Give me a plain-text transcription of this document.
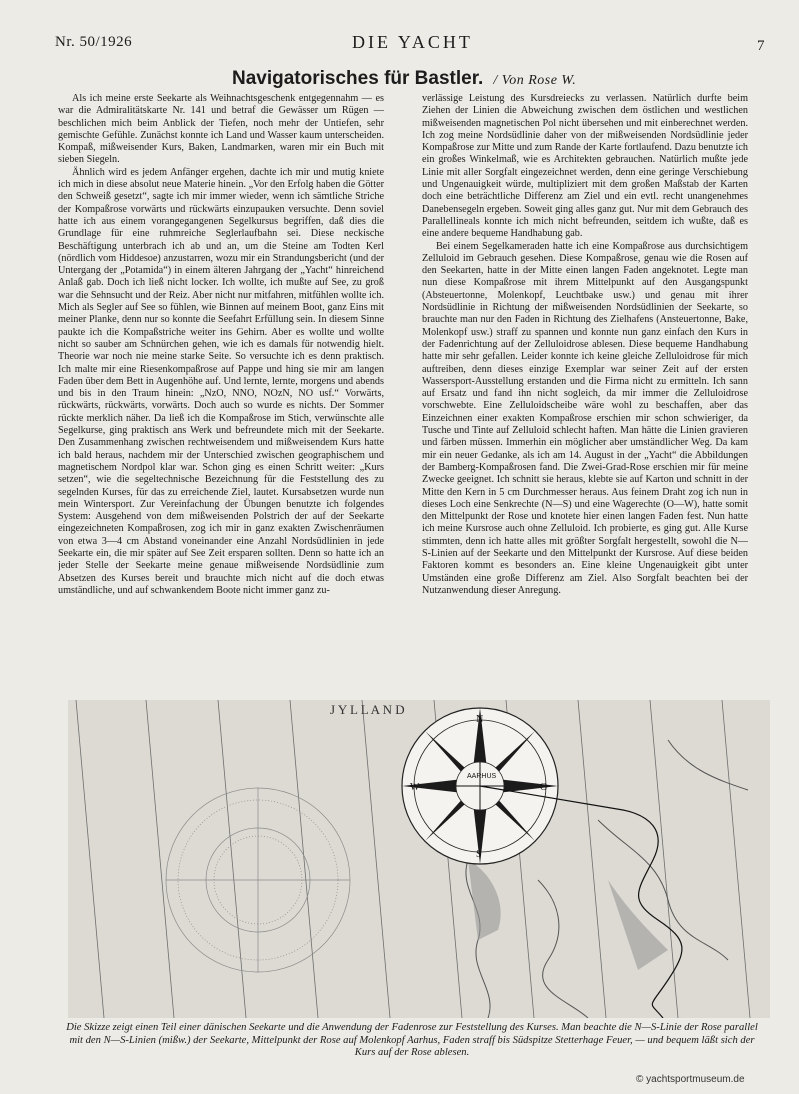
Nr. 50/1926	DIE YACHT	7
Navigatorisches für Bastler. / Von Rose W.

Als ich meine erste Seekarte als Weihnachtsgeschenk entgegennahm — es war die Admiralitätskarte Nr. 141 und betraf die Gewässer um Rügen — beschlichen mich beim Anblick der Tiefen, noch mehr der Untiefen, sehr gemischte Gefühle. Zunächst konnte ich Land und Wasser kaum unterscheiden. Kompaß, mißweisender Kurs, Baken, Landmarken, waren mir ein Buch mit sieben Siegeln.

Ähnlich wird es jedem Anfänger ergehen, dachte ich mir und mutig kniete ich mich in diese absolut neue Materie hinein. „Vor den Erfolg haben die Götter den Schweiß gesetzt“, sagte ich mir immer wieder, wenn ich sämtliche Striche der Kompaßrose vorwärts und rückwärts einzupauken versuchte. Denn soviel hatte ich aus einem vorangegangenen Segelkursus begriffen, daß dies die Grundlage für eine ruhmreiche Seglerlaufbahn sei. Diese neckische Beschäftigung unterbrach ich ab und an, um die Steine am Todten Kerl (nördlich vom Hiddesoe) anzustarren, wozu mir ein Strandungsbericht (und der Untergang der „Potamida“) in einem älteren Jahrgang der „Yacht“ hinreichend Anlaß gab. Doch ich ließ nicht locker. Ich wollte, ich mußte auf See, zu groß war die Sehnsucht und der Reiz. Aber nicht nur mitfahren, mitfühlen wollte ich. Mich als Segler auf See so fühlen, wie Binnen auf meinem Boot, ganz Eins mit meiner Planke, denn nur so konnte die Seefahrt Erfüllung sein. In diesem Sinne paukte ich die Kompaßstriche weiter ins Gehirn. Aber es wollte und wollte nicht so sauber am Schnürchen gehen, wie ich es damals für notwendig hielt. Theorie war noch nie meine starke Seite. So versuchte ich es denn praktisch. Ich malte mir eine Riesenkompaßrose auf Pappe und hing sie mir am langen Faden über dem Bett in Augenhöhe auf. Und lernte, lernte, morgens und abends und bis in den Traum hinein: „NzO, NNO, NOzN, NO usf.“ Vorwärts, rückwärts, rückwärts, vorwärts. Doch auch so wurde es nichts. Der Sommer rückte merklich näher. Da ließ ich die Kompaßrose im Stich, verwünschte alle Segelkurse, ging praktisch ans Werk und befreundete mich mit der Seekarte. Den Zusammenhang zwischen rechtweisendem und mißweisendem Kurs hatte ich bald heraus, nachdem mir der Unterschied zwischen geographischem und magnetischem Nordpol klar war. Schon ging es einen Schritt weiter: „Kurs setzen“, wie die segeltechnische Bezeichnung für die Feststellung des zu segelnden Kurses, für das zu erreichende Ziel, lautet. Kursabsetzen wurde nun mein Wintersport. Zur Vereinfachung der Übungen benutzte ich folgendes System: Ausgehend von dem mißweisenden Polstrich der auf der Seekarte eingezeichneten Kompaßrosen, zog ich mir in ganz exakten Zwischenräumen von etwa 3—4 cm Abstand voneinander eine Anzahl Nordsüdlinien in jede Seekarte ein, die mir später auf See Zeit ersparen sollten. Denn so hatte ich an jeder Stelle der Seekarte meine genaue mißweisende Nordsüdlinie zum Absetzen des Kurses bereit und brauchte mich nicht auf die doch etwas umständliche, und auf schwankendem Boote nicht immer ganz zu-

verlässige Leistung des Kursdreiecks zu verlassen. Natürlich durfte beim Ziehen der Linien die Abweichung zwischen dem östlichen und westlichen mißweisenden magnetischen Pol nicht übersehen und mit einberechnet werden. Ich zog meine Nordsüdlinie daher von der mißweisenden Nordsüdlinie jeder Kompaßrose zur Mitte und zum Rande der Karte fortlaufend. Dazu benutzte ich ein großes Winkelmaß, wie es Architekten gebrauchen. Natürlich mußte jede Linie mit aller Sorgfalt eingezeichnet werden, denn eine geringe Verschiebung und Ungenauigkeit würde, multipliziert mit dem großen Maßstab der Karten doch eine beträchtliche Differenz am Ziel und ein evtl. recht unangenehmes Danebensegeln ergeben. Soweit ging alles ganz gut. Nur mit dem Gebrauch des Parallellineals konnte ich mich nicht befreunden, seitdem ich wußte, daß es eine andere bequeme Handhabung gab.

Bei einem Segelkameraden hatte ich eine Kompaßrose aus durchsichtigem Zelluloid im Gebrauch gesehen. Diese Kompaßrose, genau wie die Rosen auf den Seekarten, hatte in der Mitte einen langen Faden angeknotet. Legte man nun diese Kompaßrose mit ihrem Mittelpunkt auf den Ausgangspunkt (Absteuertonne, Molenkopf, Leuchtbake usw.) und genau mit ihrer Nordsüdlinie in Richtung der mißweisenden Nordsüdlinien der Seekarte, so brauchte man nur den Faden in Richtung des Zielhafens (Ansteuertonne, Bake, Molenkopf usw.) straff zu spannen und konnte nun ganz einfach den Kurs in der Fadenrichtung auf der Zelluloidrose ablesen. Diese bequeme Handhabung hatte mir sehr gefallen. Leider konnte ich keine gleiche Zelluloidrose für mich auftreiben, denn dieses einzige Exemplar war seiner Zeit auf der ersten Wassersport-Ausstellung erstanden und die Firma nicht zu ermitteln. Ich sann auf Ersatz und fand ihn nicht sogleich, da mir immer die Zelluloidrose vorschwebte. Eine Zelluloidscheibe wäre wohl zu beschaffen, aber das Einzeichnen einer exakten Kompaßrose erschien mir schon schwieriger, da Tusche und Tinte auf Zelluloid schlecht haften. Man hätte die Linien gravieren und färben müssen. Immerhin ein möglicher aber umständlicher Weg. Da kam mir ein neuer Gedanke, als ich am 14. August in der „Yacht“ die Abbildungen der Bamberg-Kompaßrosen fand. Die Zwei-Grad-Rose erschien mir für meine Zwecke geeignet. Ich schnitt sie heraus, klebte sie auf Karton und schnitt in der Mitte den Kern in 5 cm Durchmesser heraus. Aus feinem Draht zog ich nun in dieses Loch eine Senkrechte (N—S) und eine Wagerechte (O—W), hatte somit den Mittelpunkt der Rose und knotete hier einen langen Faden fest. Nun hatte ich meine Kursrose auch ohne Zelluloid. Ich probierte, es ging gut. Alle Kurse stimmten, denn ich hatte alles mit größter Sorgfalt hergestellt, sowohl die N—S-Linien auf der Seekarte und den Mittelpunkt der Kursrose. Auf diese beiden Faktoren kommt es besonders an. Eine kleine Ungenauigkeit gibt unter Umständen eine große Differenz am Ziel. Also Sorgfalt beachten bei der Nutzanwendung dieser Anregung.

J Y L L A N D
AARHUS
N
O
S
W
Die Skizze zeigt einen Teil einer dänischen Seekarte und die Anwendung der Fadenrose zur Feststellung des Kurses. Man beachte die N—S-Linie der Rose parallel mit den N—S-Linien (mißw.) der Seekarte, Mittelpunkt der Rose auf Molenkopf Aarhus, Faden straff bis Südspitze Stetterhage Feuer, — und bequem läßt sich der Kurs auf der Rose ablesen.
© yachtsportmuseum.de
